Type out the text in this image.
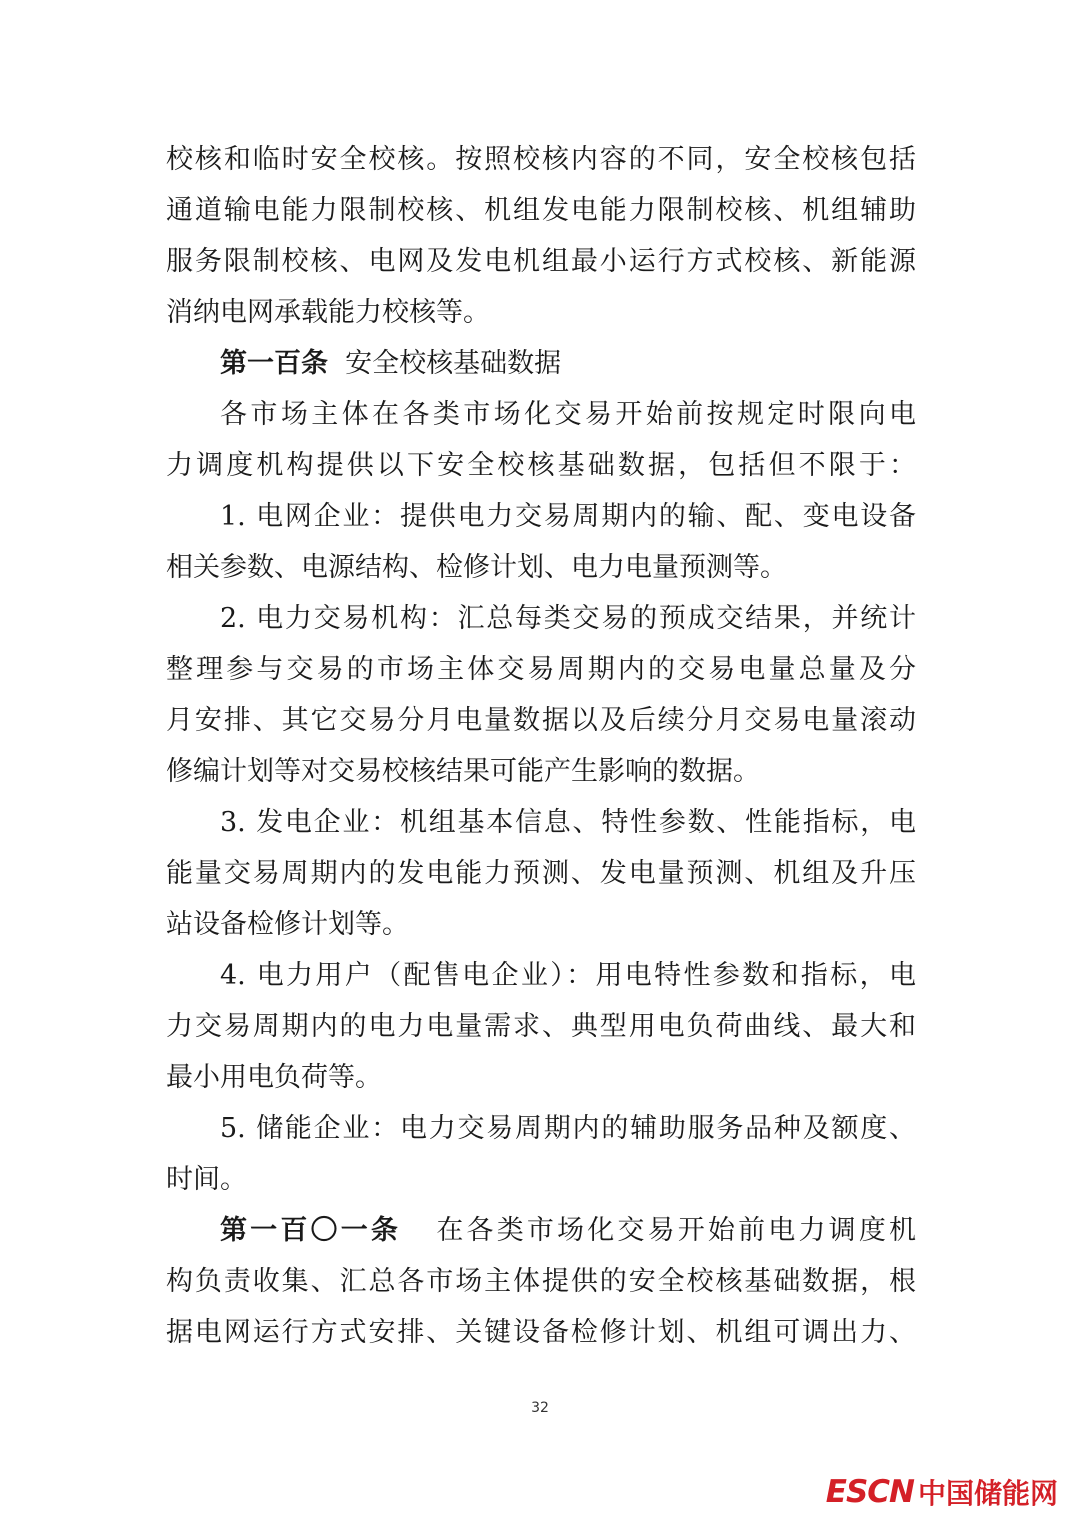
校核和临时安全校核。按照校核内容的不同，安全校核包括
通道输电能力限制校核、机组发电能力限制校核、机组辅助
服务限制校核、电网及发电机组最小运行方式校核、新能源
消纳电网承载能力校核等。
第一百条 安全校核基础数据
各市场主体在各类市场化交易开始前按规定时限向电
力调度机构提供以下安全校核基础数据，包括但不限于：
1. 电网企业：提供电力交易周期内的输、配、变电设备
相关参数、电源结构、检修计划、电力电量预测等。
2. 电力交易机构：汇总每类交易的预成交结果，并统计
整理参与交易的市场主体交易周期内的交易电量总量及分
月安排、其它交易分月电量数据以及后续分月交易电量滚动
修编计划等对交易校核结果可能产生影响的数据。
3. 发电企业：机组基本信息、特性参数、性能指标，电
能量交易周期内的发电能力预测、发电量预测、机组及升压
站设备检修计划等。
4. 电力用户（配售电企业）：用电特性参数和指标，电
力交易周期内的电力电量需求、典型用电负荷曲线、最大和
最小用电负荷等。
5. 储能企业：电力交易周期内的辅助服务品种及额度、
时间。
第一百〇一条 在各类市场化交易开始前电力调度机
构负责收集、汇总各市场主体提供的安全校核基础数据，根
据电网运行方式安排、关键设备检修计划、机组可调出力、
32
ESCN 中国储能网
